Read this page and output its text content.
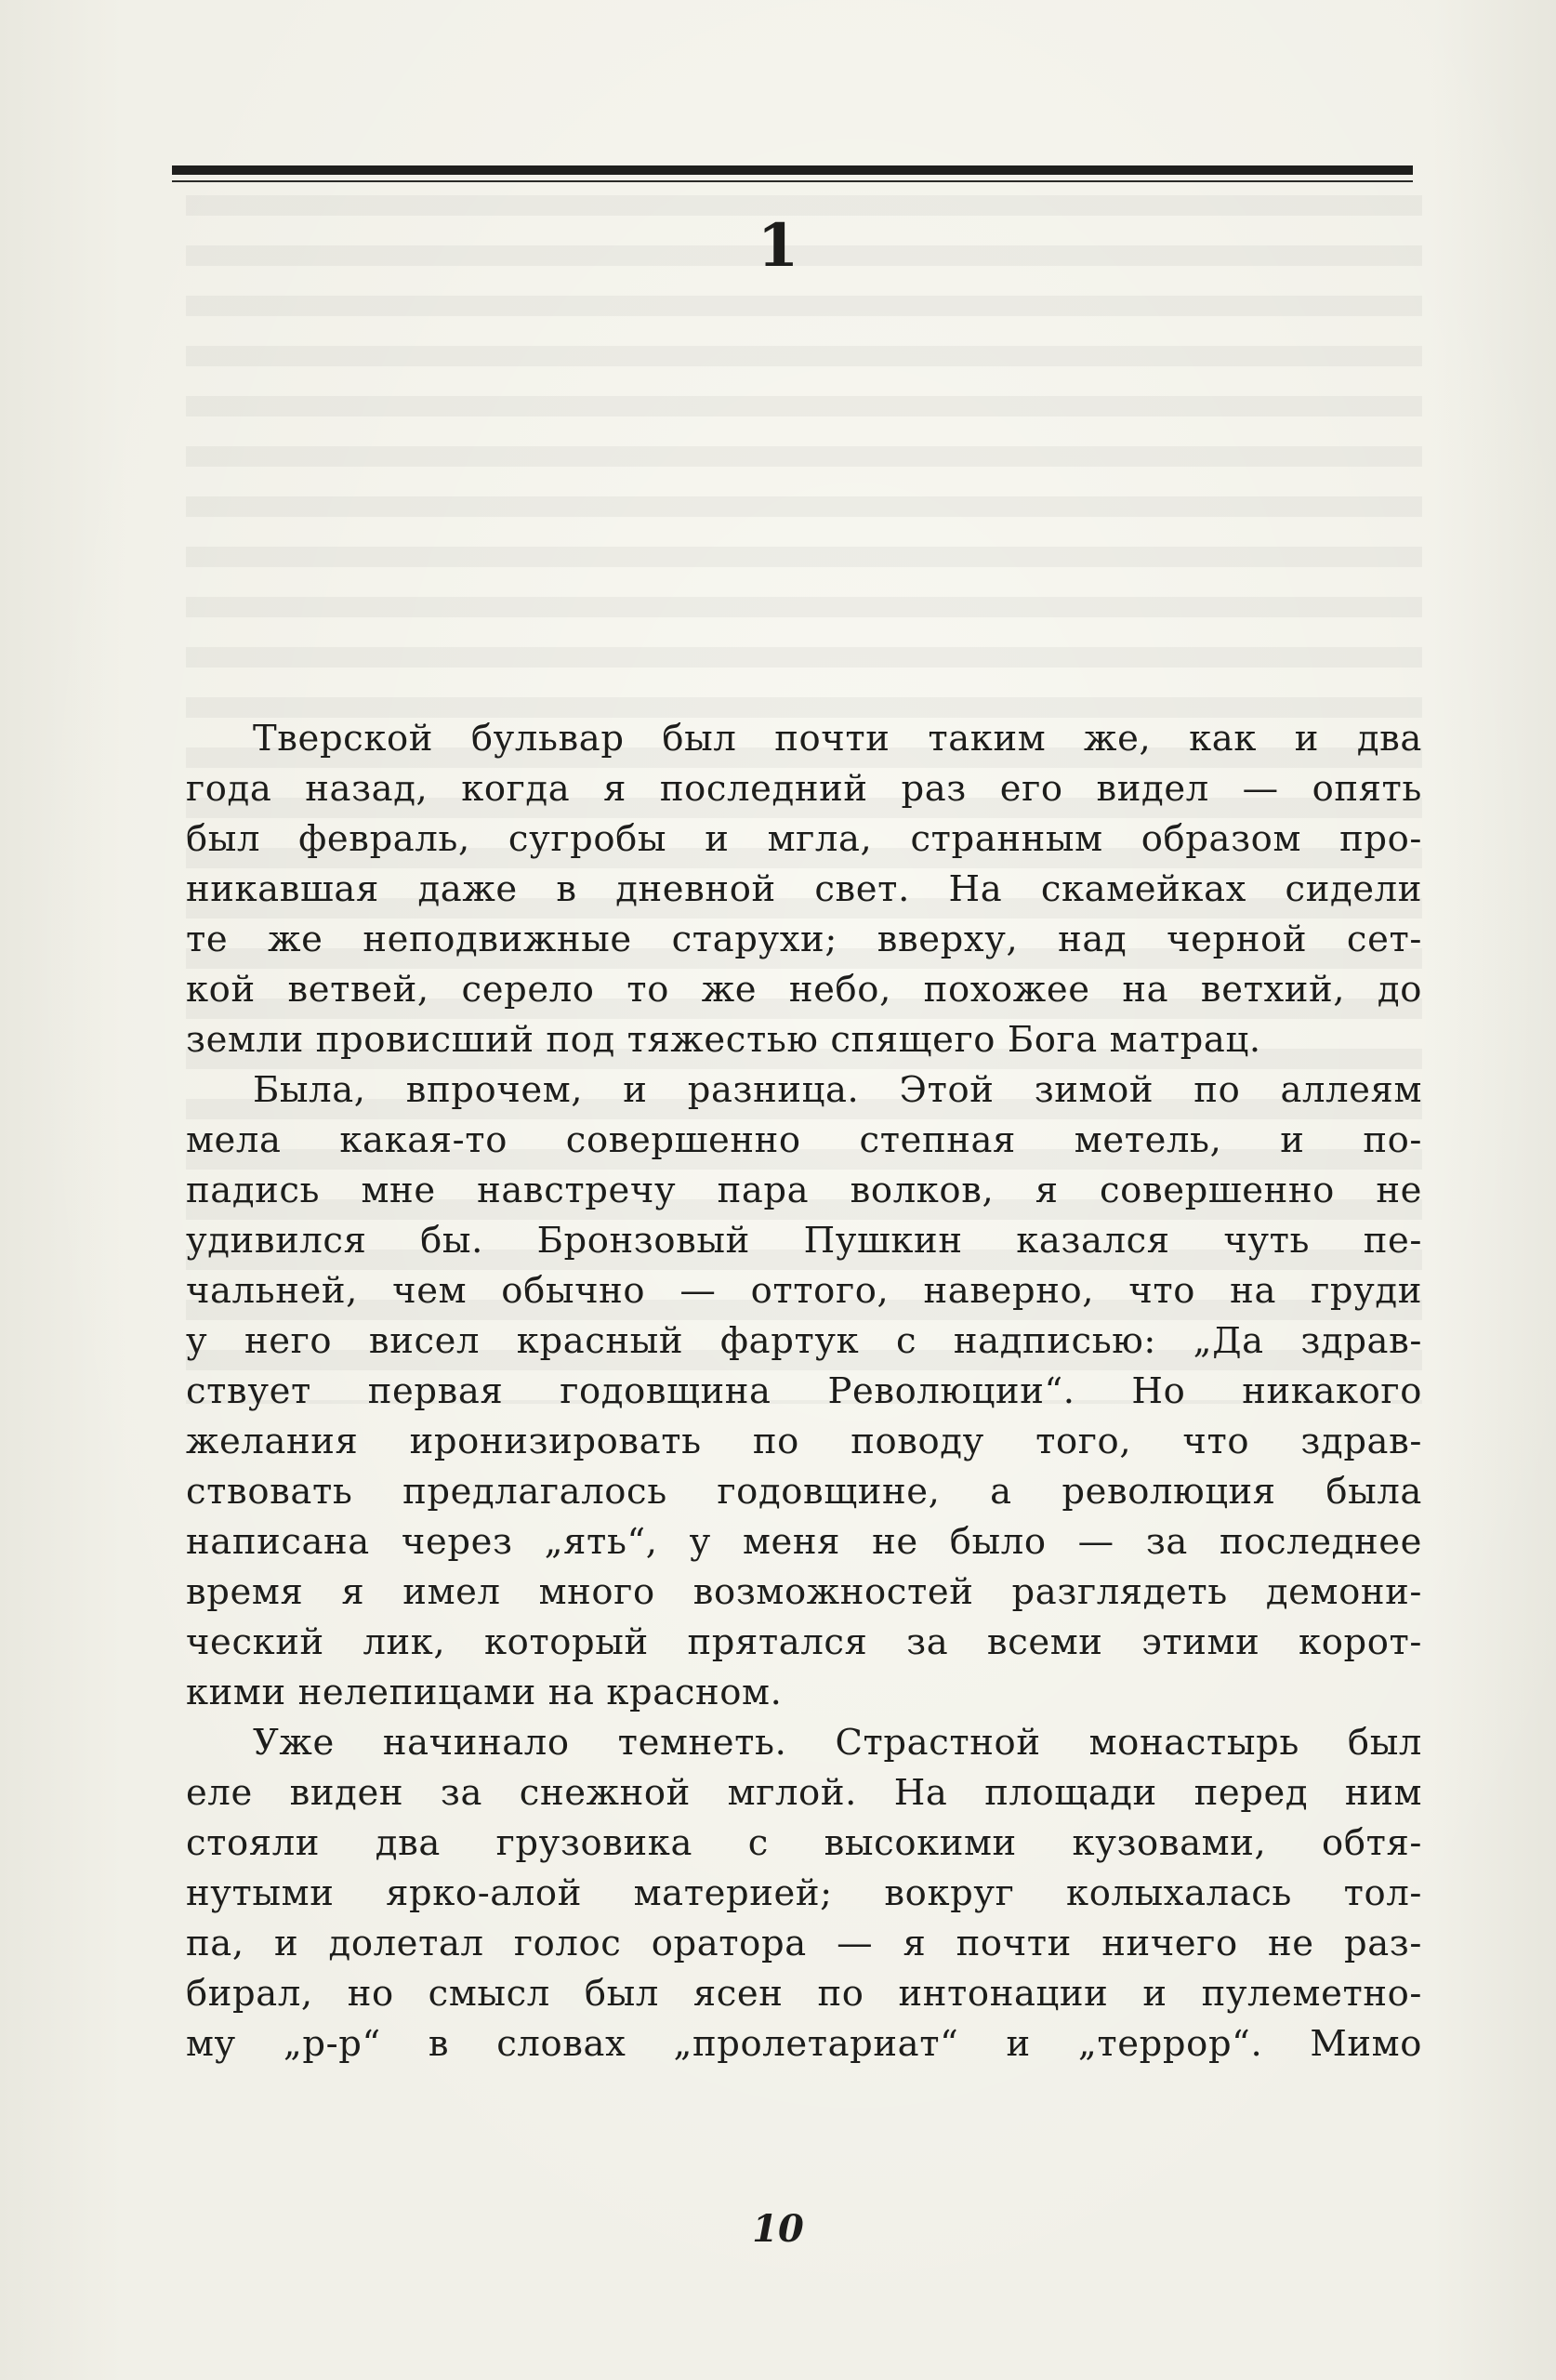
1
Тверской бульвар был почти таким же, как и два
года назад, когда я последний раз его видел — опять
был февраль, сугробы и мгла, странным образом про-
никавшая даже в дневной свет. На скамейках сидели
те же неподвижные старухи; вверху, над черной сет-
кой ветвей, серело то же небо, похожее на ветхий, до
земли провисший под тяжестью спящего Бога матрац.
Была, впрочем, и разница. Этой зимой по аллеям
мела какая-то совершенно степная метель, и по-
падись мне навстречу пара волков, я совершенно не
удивился бы. Бронзовый Пушкин казался чуть пе-
чальней, чем обычно — оттого, наверно, что на груди
у него висел красный фартук с надписью: „Да здрав-
ствует первая годовщина Революции“. Но никакого
желания иронизировать по поводу того, что здрав-
ствовать предлагалось годовщине, а революция была
написана через „ять“, у меня не было — за последнее
время я имел много возможностей разглядеть демони-
ческий лик, который прятался за всеми этими корот-
кими нелепицами на красном.
Уже начинало темнеть. Страстной монастырь был
еле виден за снежной мглой. На площади перед ним
стояли два грузовика с высокими кузовами, обтя-
нутыми ярко-алой материей; вокруг колыхалась тол-
па, и долетал голос оратора — я почти ничего не раз-
бирал, но смысл был ясен по интонации и пулеметно-
му „р-р“ в словах „пролетариат“ и „террор“. Мимо
10
